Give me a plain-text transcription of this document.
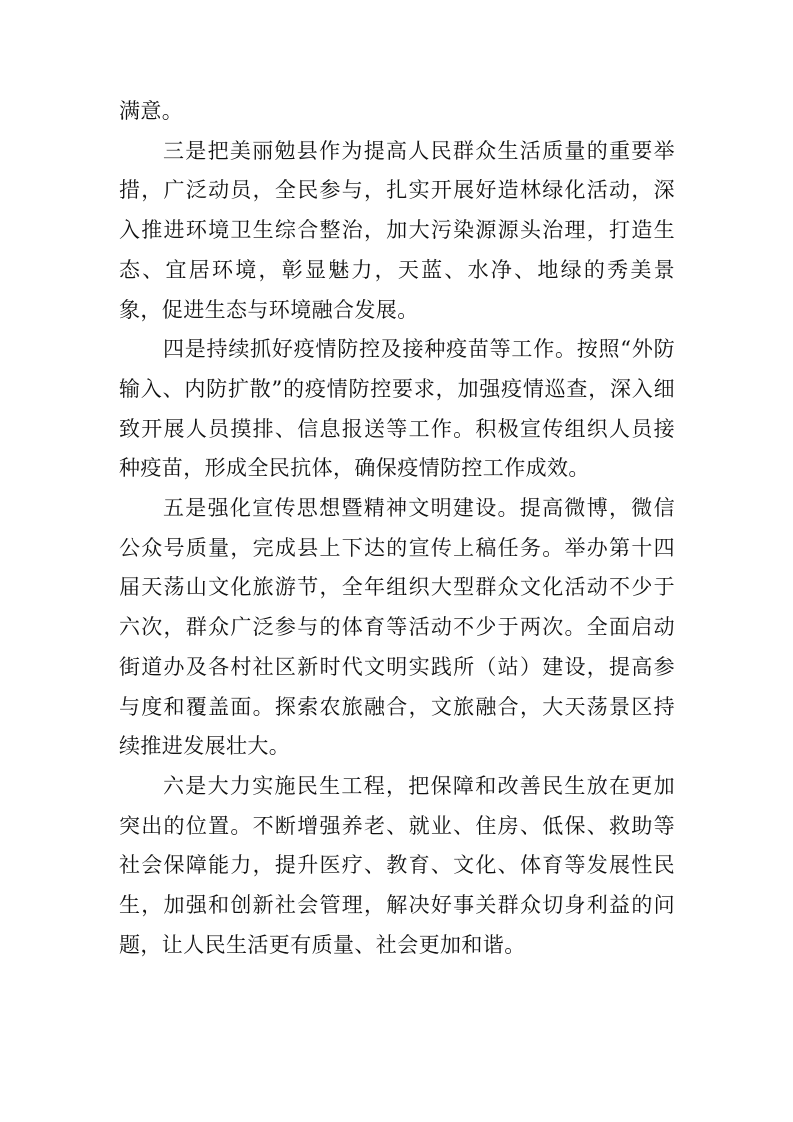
满意。

三是把美丽勉县作为提高人民群众生活质量的重要举措，广泛动员，全民参与，扎实开展好造林绿化活动，深入推进环境卫生综合整治，加大污染源源头治理，打造生态、宜居环境，彰显魅力，天蓝、水净、地绿的秀美景象，促进生态与环境融合发展。

四是持续抓好疫情防控及接种疫苗等工作。按照“外防输入、内防扩散”的疫情防控要求，加强疫情巡查，深入细致开展人员摸排、信息报送等工作。积极宣传组织人员接种疫苗，形成全民抗体，确保疫情防控工作成效。

五是强化宣传思想暨精神文明建设。提高微博，微信公众号质量，完成县上下达的宣传上稿任务。举办第十四届天荡山文化旅游节，全年组织大型群众文化活动不少于六次，群众广泛参与的体育等活动不少于两次。全面启动街道办及各村社区新时代文明实践所（站）建设，提高参与度和覆盖面。探索农旅融合，文旅融合，大天荡景区持续推进发展壮大。

六是大力实施民生工程，把保障和改善民生放在更加突出的位置。不断增强养老、就业、住房、低保、救助等社会保障能力，提升医疗、教育、文化、体育等发展性民生，加强和创新社会管理，解决好事关群众切身利益的问题，让人民生活更有质量、社会更加和谐。
